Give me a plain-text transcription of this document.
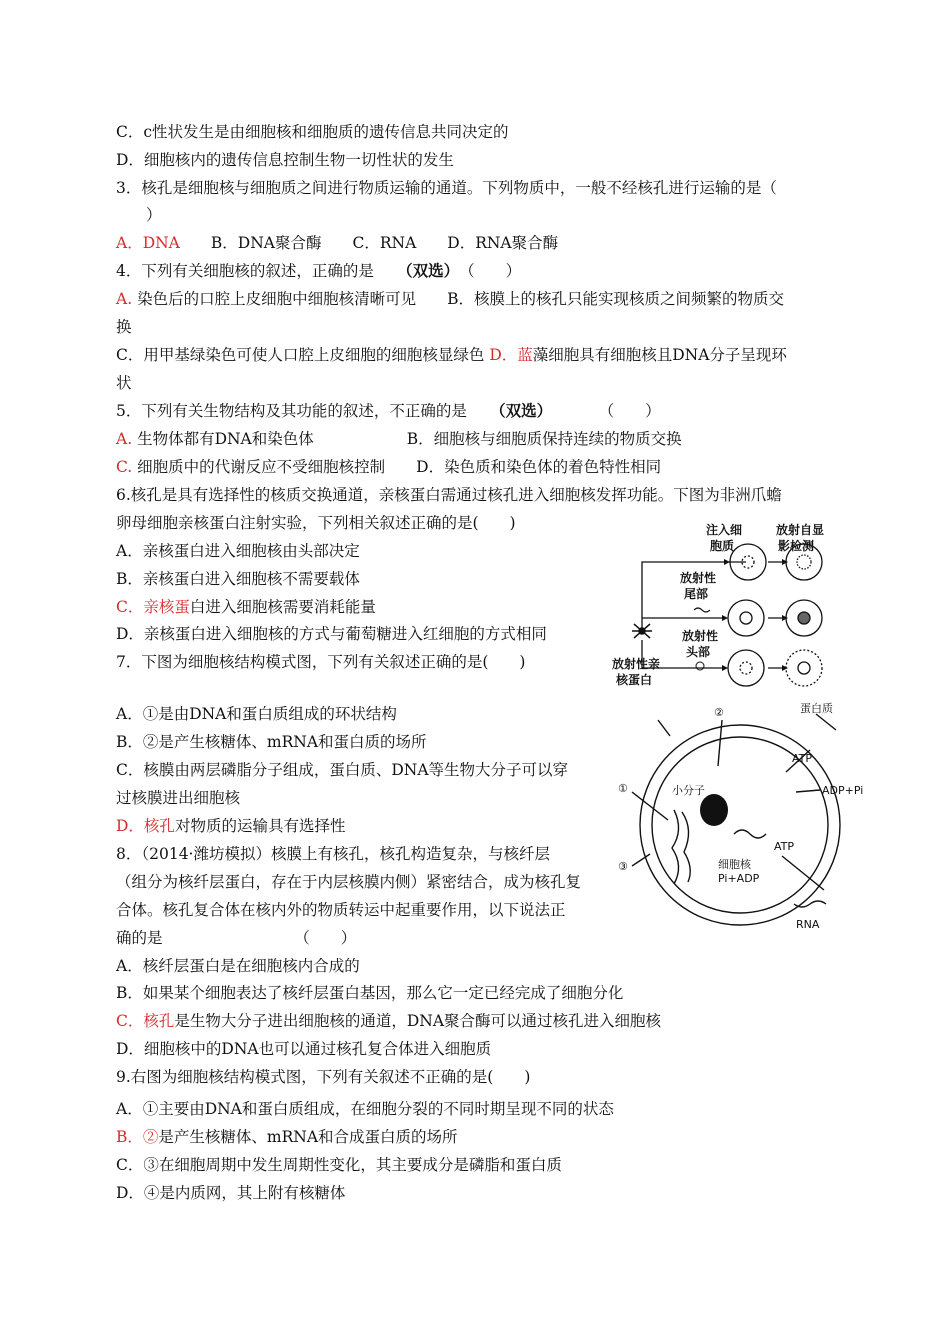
C．c性状发生是由细胞核和细胞质的遗传信息共同决定的
D．细胞核内的遗传信息控制生物一切性状的发生
3．核孔是细胞核与细胞质之间进行物质运输的通道。下列物质中，一般不经核孔进行运输的是（
）
A．DNA　　 B．DNA聚合酶　　C．RNA　　D．RNA聚合酶
4．下列有关细胞核的叙述，正确的是　　 （双选）　 （　　）
A. 染色后的口腔上皮细胞中细胞核清晰可见　　B．核膜上的核孔只能实现核质之间频繁的物质交
换
C．用甲基绿染色可使人口腔上皮细胞的细胞核显绿色 D．蓝藻细胞具有细胞核且DNA分子呈现环
状
5．下列有关生物结构及其功能的叙述，不正确的是　　 （双选）　　　　	（　　）
A. 生物体都有DNA和染色体　　　　　　B．细胞核与细胞质保持连续的物质交换
C. 细胞质中的代谢反应不受细胞核控制　　D．染色质和染色体的着色特性相同
6.核孔是具有选择性的核质交换通道，亲核蛋白需通过核孔进入细胞核发挥功能。下图为非洲爪蟾
卵母细胞亲核蛋白注射实验，下列相关叙述正确的是(　　)
A．亲核蛋白进入细胞核由头部决定
B．亲核蛋白进入细胞核不需要载体
C．亲核蛋白进入细胞核需要消耗能量
D．亲核蛋白进入细胞核的方式与葡萄糖进入红细胞的方式相同
7．下图为细胞核结构模式图，下列有关叙述正确的是(　　)
A．①是由DNA和蛋白质组成的环状结构
B．②是产生核糖体、mRNA和蛋白质的场所
C．核膜由两层磷脂分子组成，蛋白质、DNA等生物大分子可以穿
过核膜进出细胞核
D．核孔对物质的运输具有选择性
8．（2014·潍坊模拟）核膜上有核孔，核孔构造复杂，与核纤层
（组分为核纤层蛋白，存在于内层核膜内侧）紧密结合，成为核孔复
合体。核孔复合体在核内外的物质转运中起重要作用，以下说法正
确的是　　　　　　　　　（　　）
A．核纤层蛋白是在细胞核内合成的
B．如果某个细胞表达了核纤层蛋白基因，那么它一定已经完成了细胞分化
C．核孔是生物大分子进出细胞核的通道，DNA聚合酶可以通过核孔进入细胞核
D．细胞核中的DNA也可以通过核孔复合体进入细胞质
9.右图为细胞核结构模式图，下列有关叙述不正确的是(　　)
A．①主要由DNA和蛋白质组成，在细胞分裂的不同时期呈现不同的状态
B．②是产生核糖体、mRNA和合成蛋白质的场所
C．③在细胞周期中发生周期性变化，其主要成分是磷脂和蛋白质
D．④是内质网，其上附有核糖体
注入细
胞质
放射自显
影检测
放射性
尾部
放射性
头部
放射性亲
核蛋白
②
①
③
蛋白质
ATP
ADP+Pi
小分子
ATP
细胞核
Pi+ADP
RNA
